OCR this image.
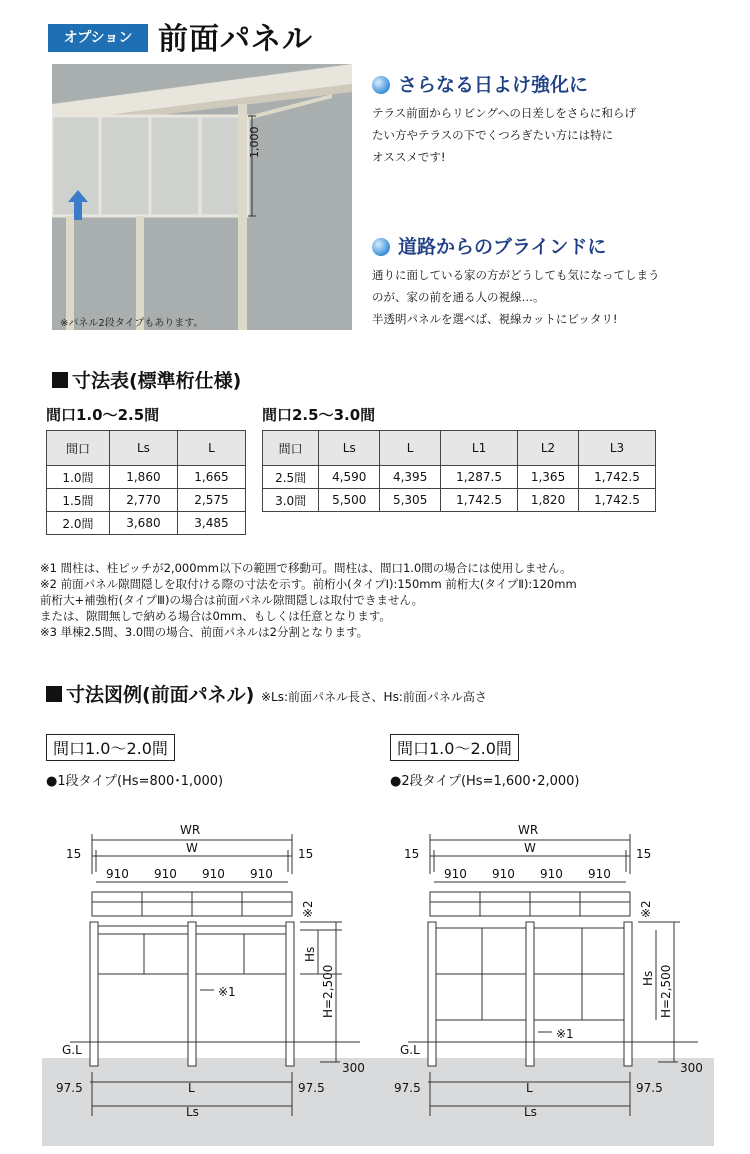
オプション 前面パネル
1,000
※パネル2段タイプもあります。
さらなる日よけ強化に
テラス前面からリビングへの日差しをさらに和らげ
たい方やテラスの下でくつろぎたい方には特に
オススメです!
道路からのブラインドに
通りに面している家の方がどうしても気になってしまう
のが、家の前を通る人の視線…。
半透明パネルを選べば、視線カットにピッタリ!
寸法表(標準桁仕様)
間口1.0〜2.5間	間口2.5〜3.0間
間口	Ls	L
1.0間	1,860	1,665
1.5間	2,770	2,575
2.0間	3,680	3,485
間口	Ls	L	L1	L2	L3
2.5間	4,590	4,395	1,287.5	1,365	1,742.5
3.0間	5,500	5,305	1,742.5	1,820	1,742.5
※1 間柱は、柱ピッチが2,000mm以下の範囲で移動可。間柱は、間口1.0間の場合には使用しません。
※2 前面パネル隙間隠しを取付ける際の寸法を示す。前桁小(タイプⅠ):150mm 前桁大(タイプⅡ):120mm
前桁大+補強桁(タイプⅢ)の場合は前面パネル隙間隠しは取付できません。
または、隙間無しで納める場合は0mm、もしくは任意となります。
※3 単棟2.5間、3.0間の場合、前面パネルは2分割となります。
寸法図例(前面パネル) ※Ls:前面パネル長さ、Hs:前面パネル高さ
間口1.0〜2.0間
●1段タイプ(Hs=800･1,000)
間口1.0〜2.0間
●2段タイプ(Hs=1,600･2,000)
WR
W
15	15
910 910 910 910
※2
Hs
H=2,500
※1
G.L
300
97.5	97.5
L
Ls
WR
W
15	15
910 910 910 910
※2
Hs H=2,500
※1
G.L
300
97.5	97.5
L
Ls
